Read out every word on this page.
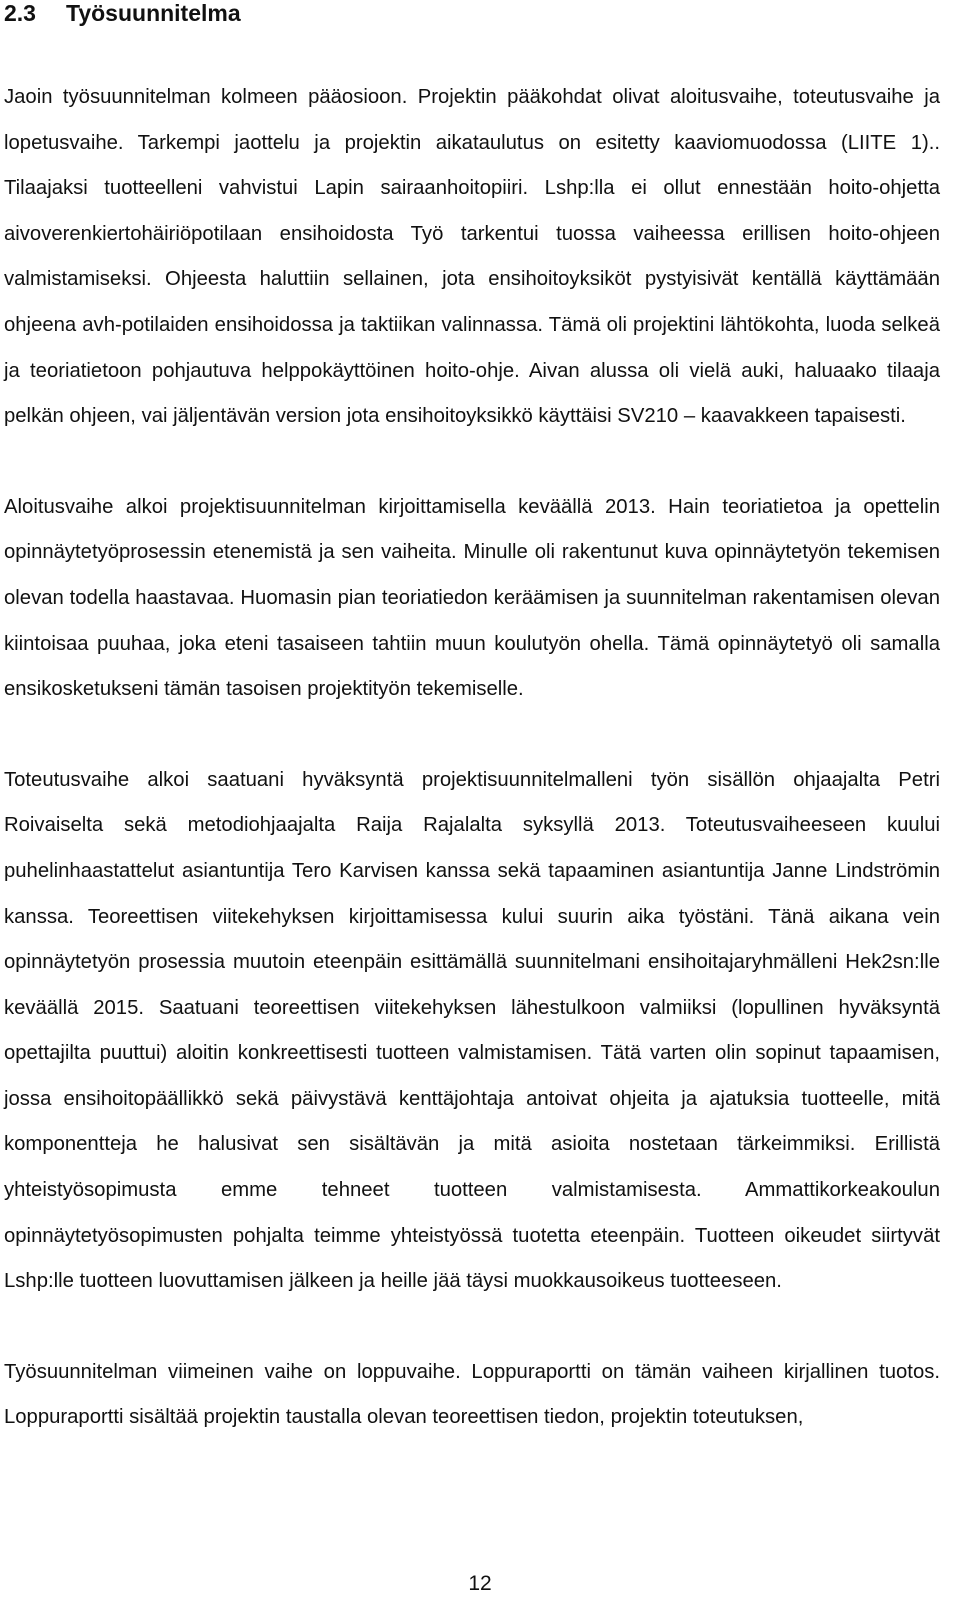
2.3	Työsuunnitelma

Jaoin työsuunnitelman kolmeen pääosioon. Projektin pääkohdat olivat aloitusvaihe, toteutusvaihe ja lopetusvaihe. Tarkempi jaottelu ja projektin aikataulutus on esitetty kaaviomuodossa (LIITE 1).. Tilaajaksi tuotteelleni vahvistui Lapin sairaanhoitopiiri. Lshp:lla ei ollut ennestään hoito-ohjetta aivoverenkiertohäiriöpotilaan ensihoidosta Työ tarkentui tuossa vaiheessa erillisen hoito-ohjeen valmistamiseksi. Ohjeesta haluttiin sellainen, jota ensihoitoyksiköt pystyisivät kentällä käyttämään ohjeena avh-potilaiden ensihoidossa ja taktiikan valinnassa. Tämä oli projektini lähtökohta, luoda selkeä ja teoriatietoon pohjautuva helppokäyttöinen hoito-ohje. Aivan alussa oli vielä auki, haluaako tilaaja pelkän ohjeen, vai jäljentävän version jota ensihoitoyksikkö käyttäisi SV210 – kaavakkeen tapaisesti.

Aloitusvaihe alkoi projektisuunnitelman kirjoittamisella keväällä 2013. Hain teoriatietoa ja opettelin opinnäytetyöprosessin etenemistä ja sen vaiheita. Minulle oli rakentunut kuva opinnäytetyön tekemisen olevan todella haastavaa. Huomasin pian teoriatiedon keräämisen ja suunnitelman rakentamisen olevan kiintoisaa puuhaa, joka eteni tasaiseen tahtiin muun koulutyön ohella. Tämä opinnäytetyö oli samalla ensikosketukseni tämän tasoisen projektityön tekemiselle.

Toteutusvaihe alkoi saatuani hyväksyntä projektisuunnitelmalleni työn sisällön ohjaajalta Petri Roivaiselta sekä metodiohjaajalta Raija Rajalalta syksyllä 2013. Toteutusvaiheeseen kuului puhelinhaastattelut asiantuntija Tero Karvisen kanssa sekä tapaaminen asiantuntija Janne Lindströmin kanssa. Teoreettisen viitekehyksen kirjoittamisessa kului suurin aika työstäni. Tänä aikana vein opinnäytetyön prosessia muutoin eteenpäin esittämällä suunnitelmani ensihoitajaryhmälleni Hek2sn:lle keväällä 2015. Saatuani teoreettisen viitekehyksen lähestulkoon valmiiksi (lopullinen hyväksyntä opettajilta puuttui) aloitin konkreettisesti tuotteen valmistamisen. Tätä varten olin sopinut tapaamisen, jossa ensihoitopäällikkö sekä päivystävä kenttäjohtaja antoivat ohjeita ja ajatuksia tuotteelle, mitä komponentteja he halusivat sen sisältävän ja mitä asioita nostetaan tärkeimmiksi. Erillistä yhteistyösopimusta emme tehneet tuotteen valmistamisesta. Ammattikorkeakoulun opinnäytetyösopimusten pohjalta teimme yhteistyössä tuotetta eteenpäin. Tuotteen oikeudet siirtyvät Lshp:lle tuotteen luovuttamisen jälkeen ja heille jää täysi muokkausoikeus tuotteeseen.

Työsuunnitelman viimeinen vaihe on loppuvaihe. Loppuraportti on tämän vaiheen kirjallinen tuotos. Loppuraportti sisältää projektin taustalla olevan teoreettisen tiedon, projektin toteutuksen,

12
